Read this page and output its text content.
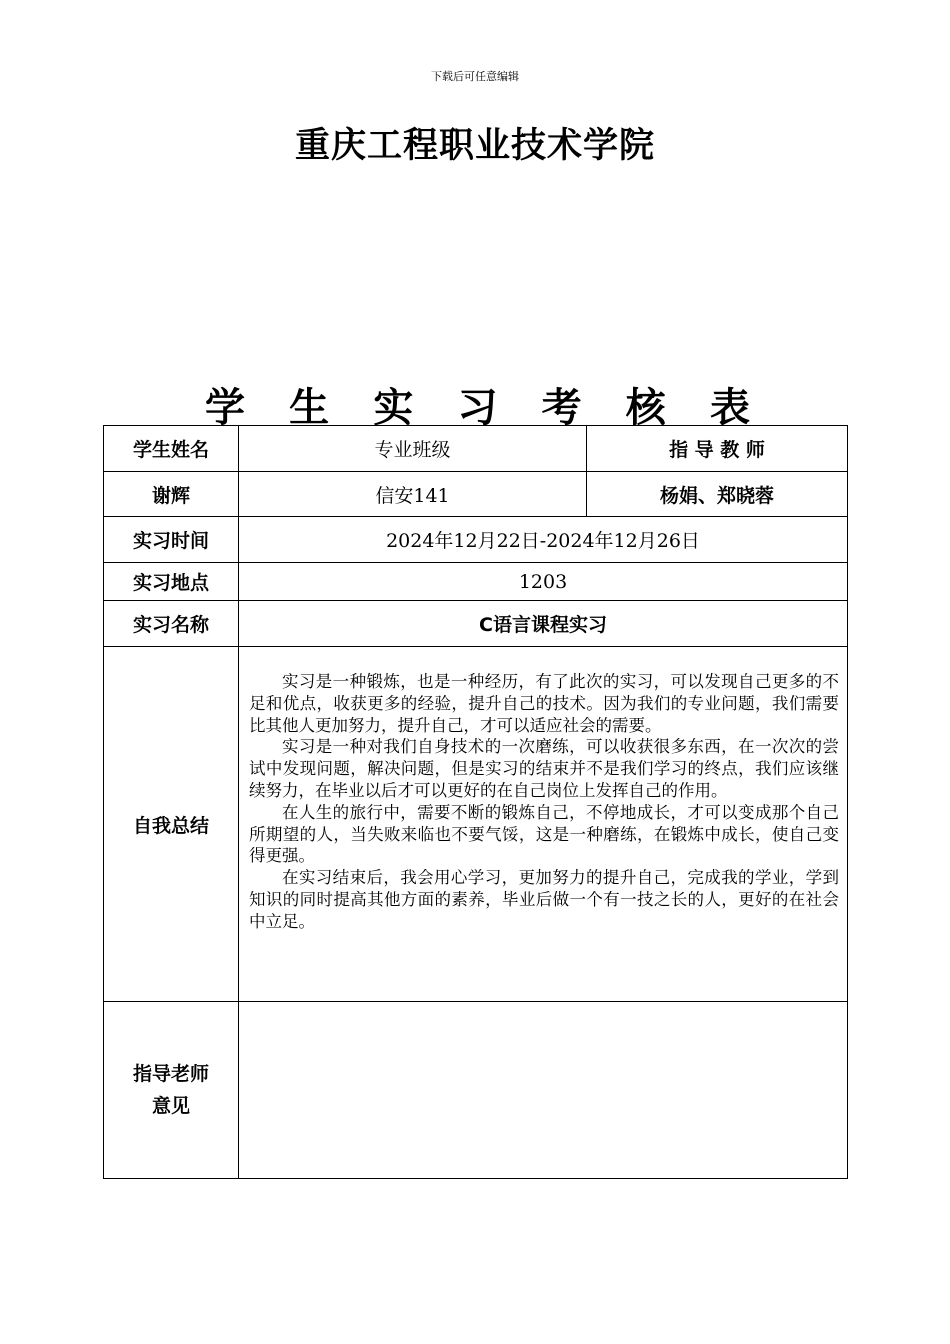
下载后可任意编辑
重庆工程职业技术学院
学 生 实 习 考 核 表
学生姓名	专业班级	指 导 教 师
谢辉	信安141	杨娟、郑晓蓉
实习时间	2024年12月22日-2024年12月26日	
实习地点	1203	
实习名称	C语言课程实习	
自我总结	实习是一种锻炼，也是一种经历，有了此次的实习，可以发现自己更多的不足和优点，收获更多的经验，提升自己的技术。因为我们的专业问题，我们需要比其他人更加努力，提升自己，才可以适应社会的需要。

实习是一种对我们自身技术的一次磨练，可以收获很多东西，在一次次的尝试中发现问题，解决问题，但是实习的结束并不是我们学习的终点，我们应该继续努力，在毕业以后才可以更好的在自己岗位上发挥自己的作用。

在人生的旅行中，需要不断的锻炼自己，不停地成长，才可以变成那个自己所期望的人，当失败来临也不要气馁，这是一种磨练，在锻炼中成长，使自己变得更强。

在实习结束后，我会用心学习，更加努力的提升自己，完成我的学业，学到知识的同时提高其他方面的素养，毕业后做一个有一技之长的人，更好的在社会中立足。	

指导老师
意见		
